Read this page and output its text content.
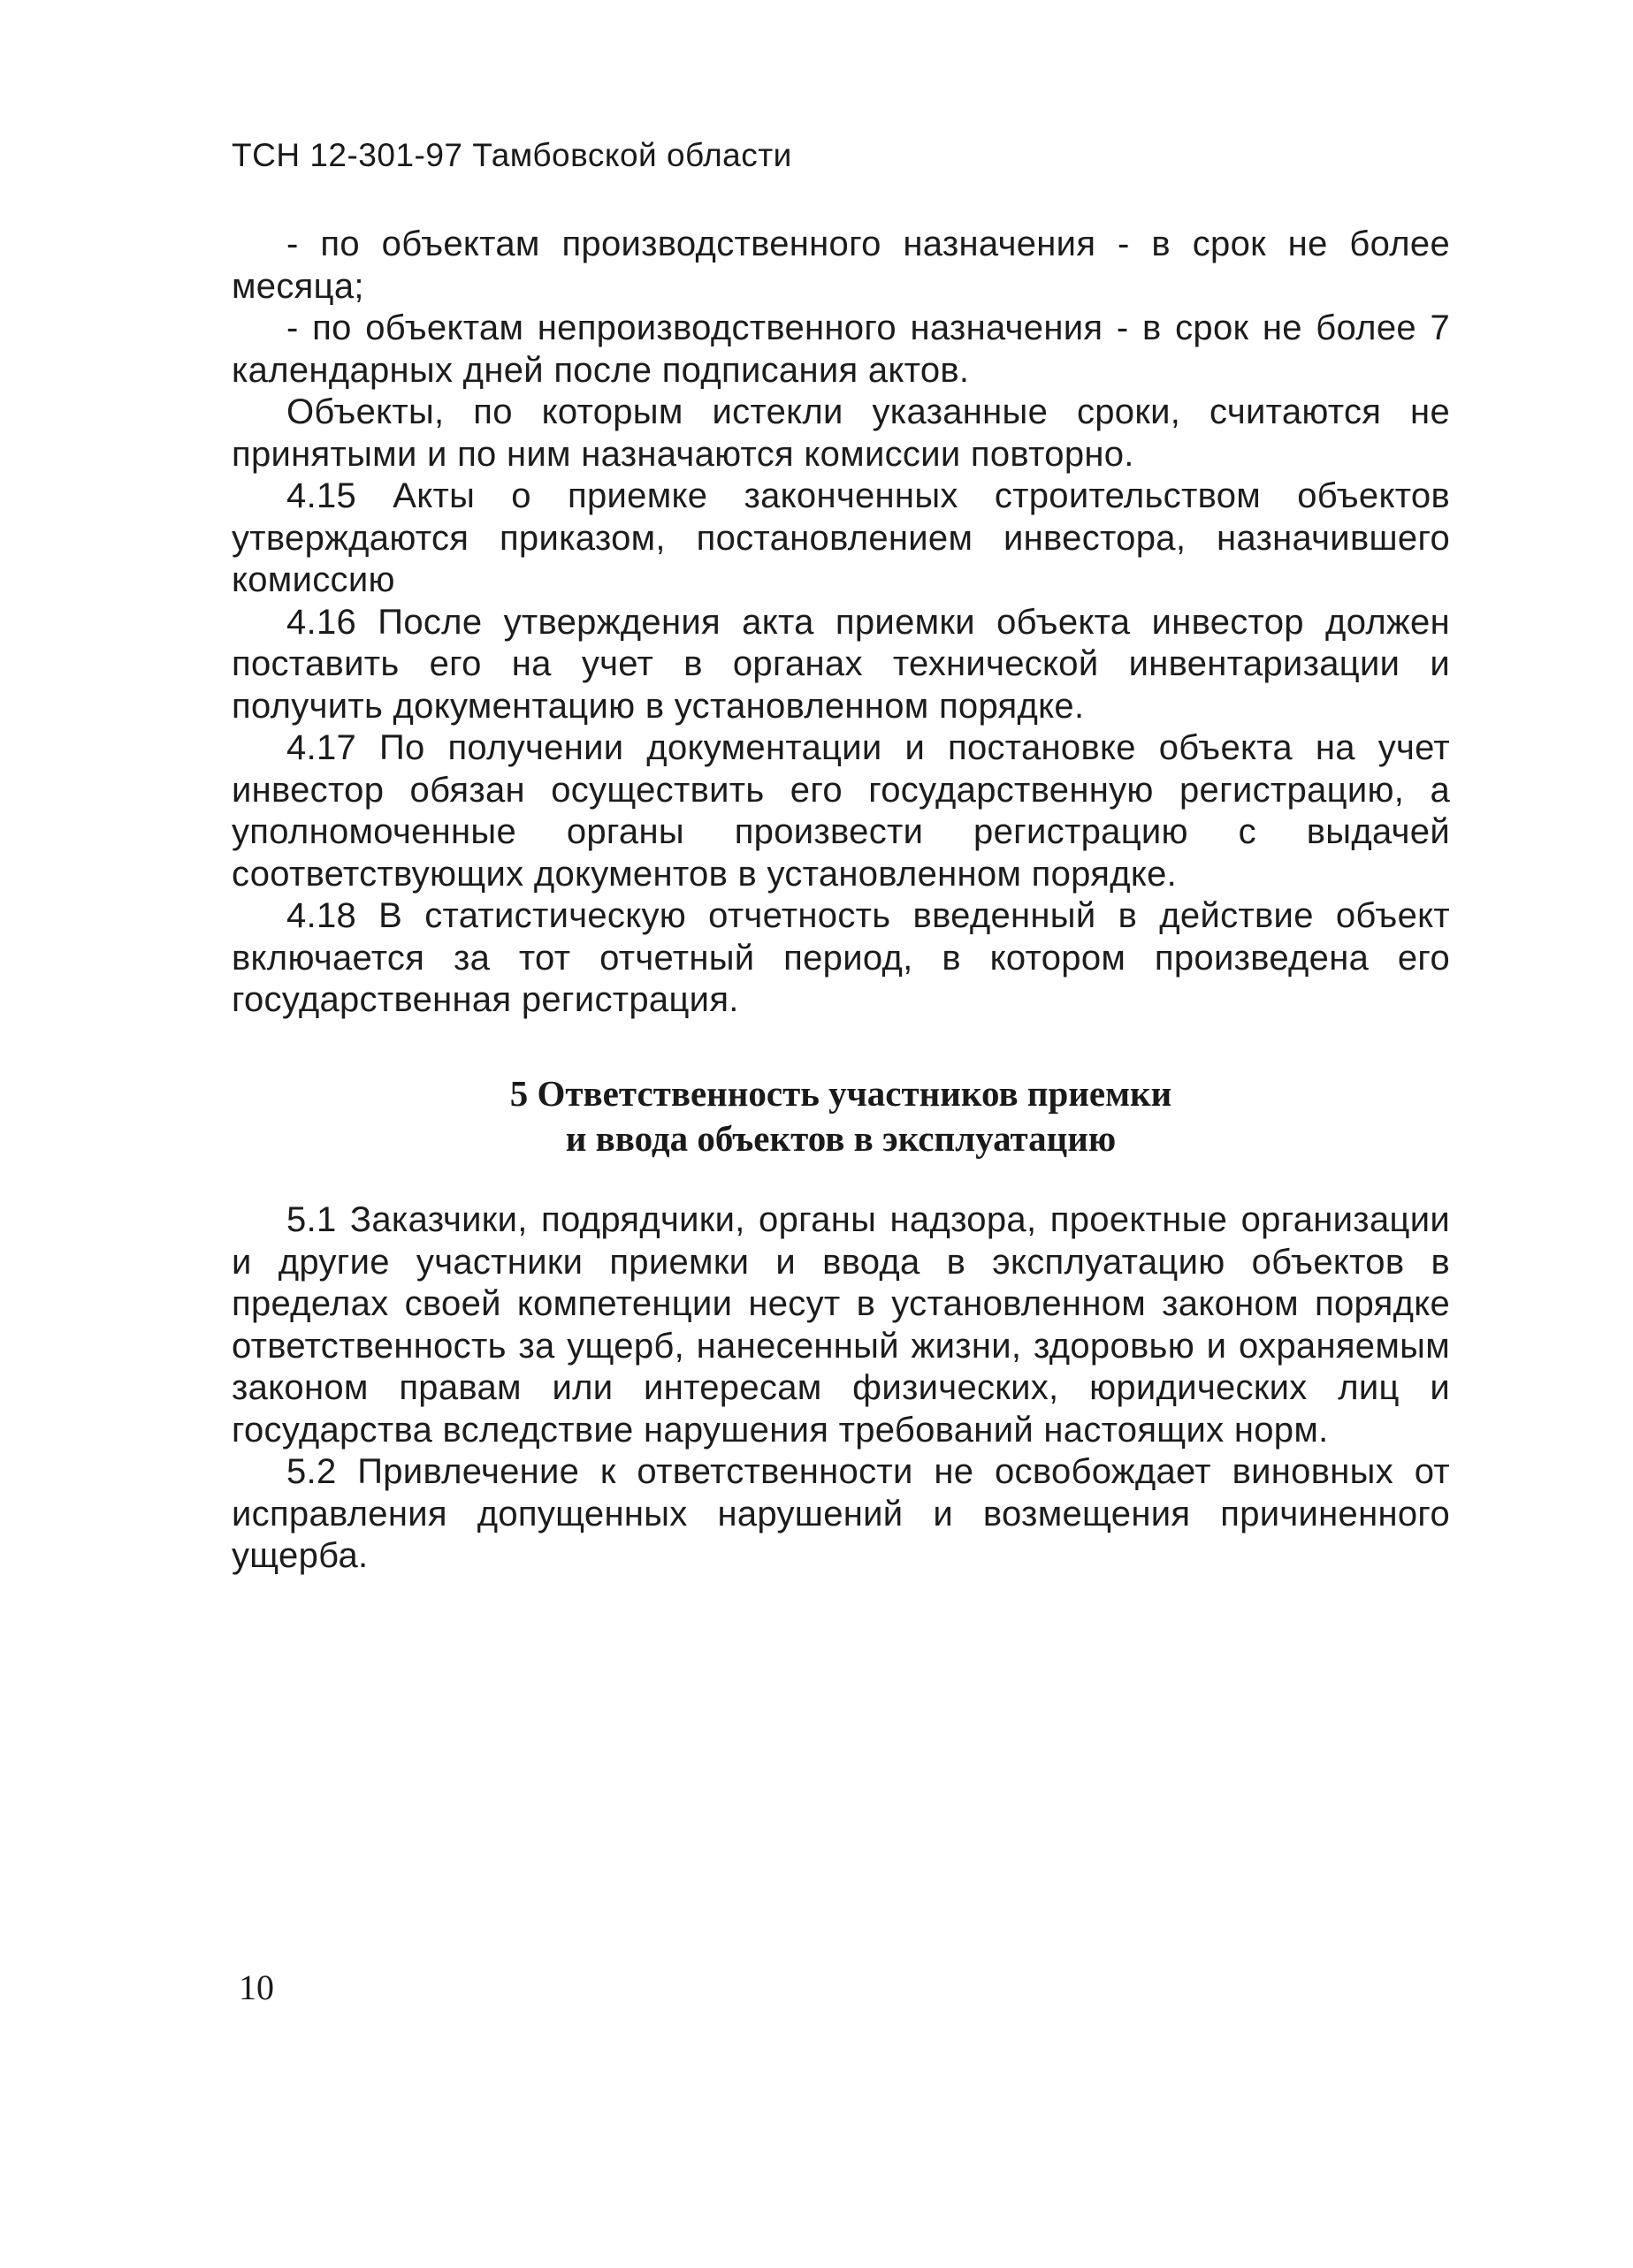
ТСН 12-301-97 Тамбовской области

- по объектам производственного назначения - в срок не более месяца;

- по объектам непроизводственного назначения - в срок не более 7 календарных дней после подписания актов.

Объекты, по которым истекли указанные сроки, считаются не принятыми и по ним назначаются комиссии повторно.

4.15 Акты о приемке законченных строительством объектов утверждаются приказом, постановлением инвестора, назначившего комиссию

4.16 После утверждения акта приемки объекта инвестор должен поставить его на учет в органах технической инвентаризации и получить документацию в установленном порядке.

4.17 По получении документации и постановке объекта на учет инвестор обязан осуществить его государственную регистрацию, а уполномоченные органы произвести регистрацию с выдачей соответствующих документов в установленном порядке.

4.18 В статистическую отчетность введенный в действие объект включается за тот отчетный период, в котором произведена его государственная регистрация.

5 Ответственность участников приемки
и ввода объектов в эксплуатацию

5.1 Заказчики, подрядчики, органы надзора, проектные организации и другие участники приемки и ввода в эксплуатацию объектов в пределах своей компетенции несут в установленном законом порядке ответственность за ущерб, нанесенный жизни, здоровью и охраняемым законом правам или интересам физических, юридических лиц и государства вследствие нарушения требований настоящих норм.

5.2 Привлечение к ответственности не освобождает виновных от исправления допущенных нарушений и возмещения причиненного ущерба.

10
